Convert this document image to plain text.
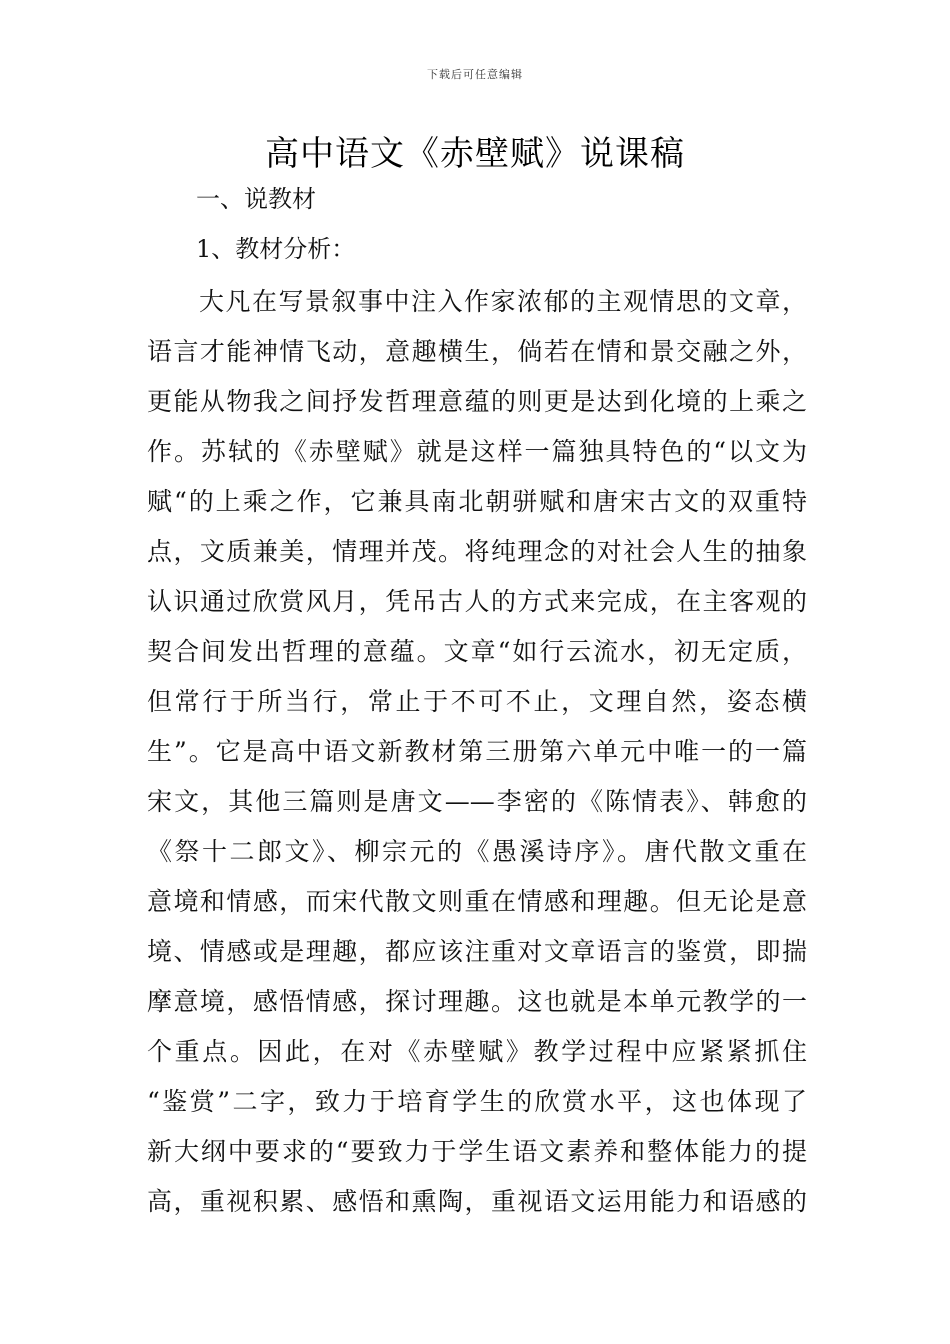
下载后可任意编辑
高中语文《赤壁赋》说课稿
一、说教材
1、教材分析：
大凡在写景叙事中注入作家浓郁的主观情思的文章，
语言才能神情飞动，意趣横生，倘若在情和景交融之外，
更能从物我之间抒发哲理意蕴的则更是达到化境的上乘之
作。苏轼的《赤壁赋》就是这样一篇独具特色的“以文为
赋“的上乘之作，它兼具南北朝骈赋和唐宋古文的双重特
点，文质兼美，情理并茂。将纯理念的对社会人生的抽象
认识通过欣赏风月，凭吊古人的方式来完成，在主客观的
契合间发出哲理的意蕴。文章“如行云流水，初无定质，
但常行于所当行，常止于不可不止，文理自然，姿态横
生”。它是高中语文新教材第三册第六单元中唯一的一篇
宋文，其他三篇则是唐文——李密的《陈情表》、韩愈的
《祭十二郎文》、柳宗元的《愚溪诗序》。唐代散文重在
意境和情感，而宋代散文则重在情感和理趣。但无论是意
境、情感或是理趣，都应该注重对文章语言的鉴赏，即揣
摩意境，感悟情感，探讨理趣。这也就是本单元教学的一
个重点。因此，在对《赤壁赋》教学过程中应紧紧抓住
“鉴赏”二字，致力于培育学生的欣赏水平，这也体现了
新大纲中要求的“要致力于学生语文素养和整体能力的提
高，重视积累、感悟和熏陶，重视语文运用能力和语感的
